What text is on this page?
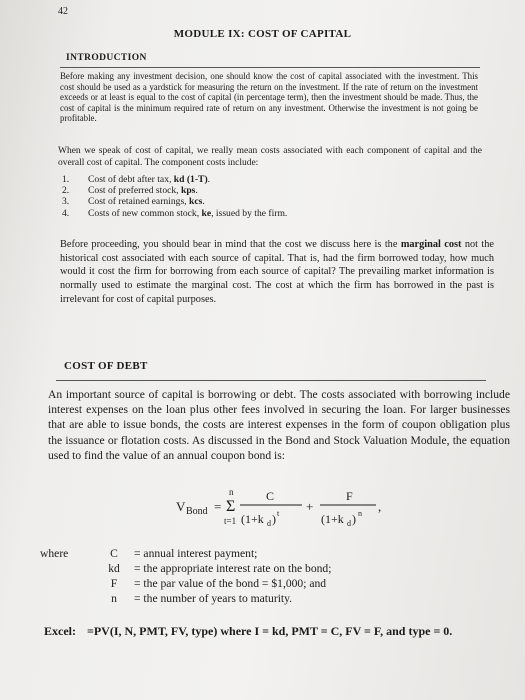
42
MODULE IX: COST OF CAPITAL
INTRODUCTION
Before making any investment decision, one should know the cost of capital associated with the investment. This cost should be used as a yardstick for measuring the return on the investment. If the rate of return on the investment exceeds or at least is equal to the cost of capital (in percentage term), then the investment should be made. Thus, the cost of capital is the minimum required rate of return on any investment. Otherwise the investment is not going be profitable.
When we speak of cost of capital, we really mean costs associated with each component of capital and the overall cost of capital. The component costs include:
1.	Cost of debt after tax, kd (1-T).
2.	Cost of preferred stock, kps.
3.	Cost of retained earnings, kcs.
4.	Costs of new common stock, ke, issued by the firm.
Before proceeding, you should bear in mind that the cost we discuss here is the marginal cost not the historical cost associated with each source of capital. That is, had the firm borrowed today, how much would it cost the firm for borrowing from each source of capital? The prevailing market information is normally used to estimate the marginal cost. The cost at which the firm has borrowed in the past is irrelevant for cost of capital purposes.
COST OF DEBT
An important source of capital is borrowing or debt. The costs associated with borrowing include interest expenses on the loan plus other fees involved in securing the loan. For larger businesses that are able to issue bonds, the costs are interest expenses in the form of coupon obligation plus the issuance or flotation costs. As discussed in the Bond and Stock Valuation Module, the equation used to find the value of an annual coupon bond is:
V Bond =
n
Σ
t=1
C
(1+k d ) t +
F
(1+k d ) n ,
where	C	= annual interest payment;
kd	= the appropriate interest rate on the bond;
F	= the par value of the bond = $1,000; and
n	= the number of years to maturity.
Excel: =PV(I, N, PMT, FV, type) where I = kd, PMT = C, FV = F, and type = 0.
